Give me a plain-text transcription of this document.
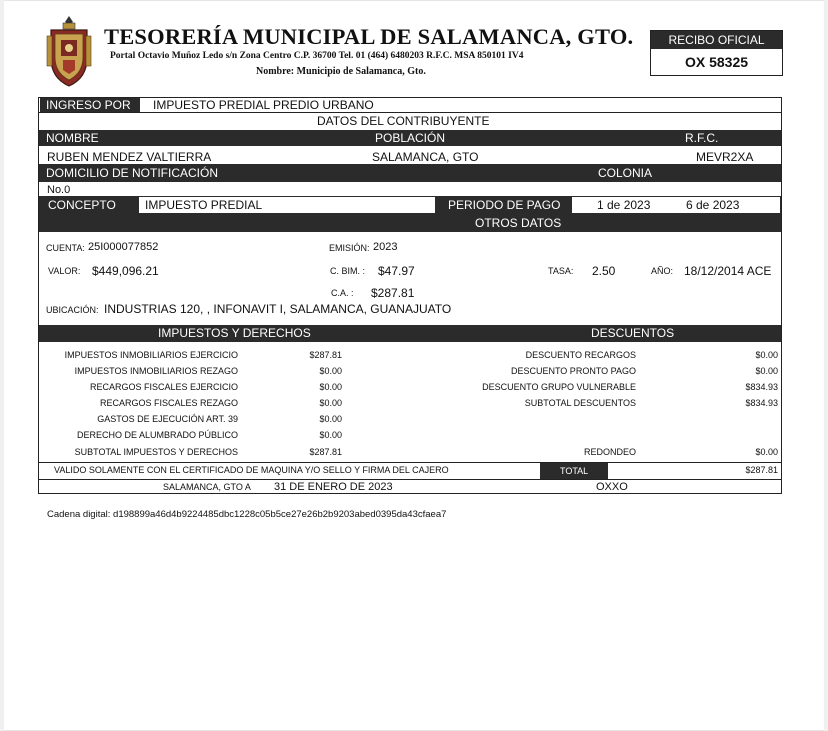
TESORERÍA MUNICIPAL DE SALAMANCA, GTO.
Portal Octavio Muñoz Ledo s/n Zona Centro C.P. 36700 Tel. 01 (464) 6480203 R.F.C. MSA 850101 IV4
Nombre: Municipio de Salamanca, Gto.
RECIBO OFICIAL
OX 58325
INGRESO POR	IMPUESTO PREDIAL PREDIO URBANO
DATOS DEL CONTRIBUYENTE
NOMBRE	POBLACIÓN	R.F.C.
RUBEN MENDEZ VALTIERRA	SALAMANCA, GTO	MEVR2XA
DOMICILIO DE NOTIFICACIÓN	COLONIA
No.0
CONCEPTO IMPUESTO PREDIAL	PERIODO DE PAGO	1 de 2023	6 de 2023
OTROS DATOS
CUENTA: 25I000077852	EMISIÓN: 2023
VALOR: $449,096.21	C. BIM. : $47.97	TASA: 2.50	AÑO: 18/12/2014 ACE
C.A. : $287.81
UBICACIÓN: INDUSTRIAS 120, , INFONAVIT I, SALAMANCA, GUANAJUATO
IMPUESTOS Y DERECHOS	DESCUENTOS
IMPUESTOS INMOBILIARIOS EJERCICIO	$287.81
IMPUESTOS INMOBILIARIOS REZAGO	$0.00
RECARGOS FISCALES EJERCICIO	$0.00
RECARGOS FISCALES REZAGO	$0.00
GASTOS DE EJECUCIÓN ART. 39	$0.00
DERECHO DE ALUMBRADO PÚBLICO	$0.00
SUBTOTAL IMPUESTOS Y DERECHOS	$287.81
DESCUENTO RECARGOS	$0.00
DESCUENTO PRONTO PAGO	$0.00
DESCUENTO GRUPO VULNERABLE	$834.93
SUBTOTAL DESCUENTOS	$834.93
REDONDEO	$0.00
VALIDO SOLAMENTE CON EL CERTIFICADO DE MAQUINA Y/O SELLO Y FIRMA DEL CAJERO	TOTAL	$287.81
SALAMANCA, GTO A 31 DE ENERO DE 2023	OXXO
Cadena digital: d198899a46d4b9224485dbc1228c05b5ce27e26b2b9203abed0395da43cfaea7
